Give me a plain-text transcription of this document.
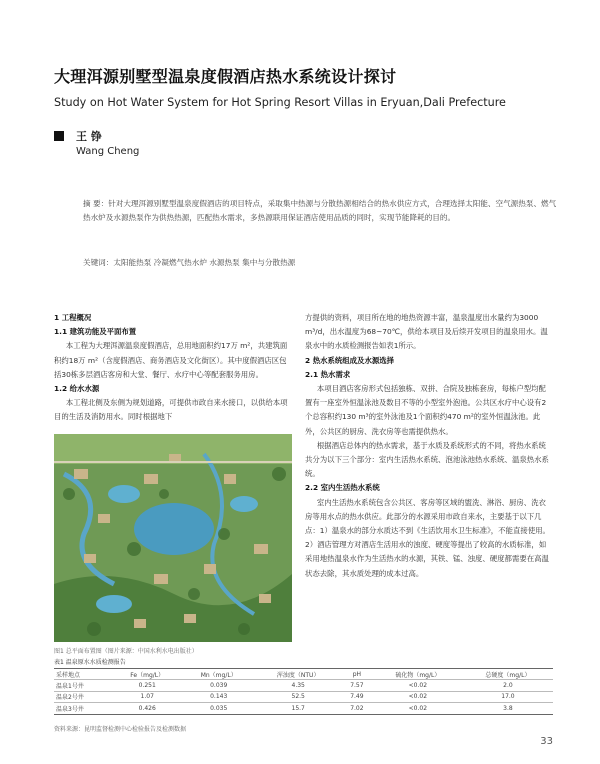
大理洱源别墅型温泉度假酒店热水系统设计探讨
Study on Hot Water System for Hot Spring Resort Villas in Eryuan,Dali Prefecture
王 铮
Wang Cheng
摘 要：针对大理洱源别墅型温泉度假酒店的项目特点，采取集中热源与分散热源相结合的热水供应方式，合理选择太阳能、空气源热泵、燃气热水炉及水源热泵作为供热热源，匹配热水需求，多热源联用保证酒店使用品质的同时，实现节能降耗的目的。
关键词：太阳能热泵 冷凝燃气热水炉 水源热泵 集中与分散热源

1 工程概况

1.1 建筑功能及平面布置

本工程为大理洱源温泉度假酒店，总用地面积约17万 m²，共建筑面积约18万 m²（含度假酒店、商务酒店及文化街区）。其中度假酒店区包括30栋多层酒店客房和大堂、餐厅、水疗中心等配套服务用房。

1.2 给水水源

本工程北侧及东侧为规划道路，可提供市政自来水接口，以供给本项目的生活及消防用水。同时根据地下

图1 总平面布置图（图片来源：中国水利水电出版社）

方提供的资料，项目所在地的地热资源丰富，温泉温度出水量约为3000 m³/d，出水温度为68~70℃，供给本项目及后续开发项目的温泉用水。温泉水中的水质检测报告如表1所示。

2 热水系统组成及水源选择

2.1 热水需求

本项目酒店客房形式包括独栋、双拼、合院及独栋套房，每栋户型均配置有一座室外恒温泳池及数目不等的小型室外泡池。公共区水疗中心设有2个总容积约130 m³的室外泳池及1个面积约470 m²的室外恒温泳池。此外，公共区的厨房、洗衣房等也需提供热水。

根据酒店总体内的热水需求，基于水质及系统形式的不同，将热水系统共分为以下三个部分：室内生活热水系统、泡池泳池热水系统、温泉热水系统。

2.2 室内生活热水系统

室内生活热水系统包含公共区、客房等区域的盥洗、淋浴、厨房、洗衣房等用水点的热水供应。此部分的水源采用市政自来水，主要基于以下几点：1）温泉水的部分水质达不到《生活饮用水卫生标准》，不能直接使用。2）酒店管理方对酒店生活用水的浊度、硬度等提出了较高的水质标准，如采用地热温泉水作为生活热水的水源，其铁、锰、浊度、硬度都需要在高温状态去除，其水质处理的成本过高。

表1 温泉原水水质检测报告
采样地点	Fe（mg/L）	Mn（mg/L）	浑浊度（NTU）	pH	硫化物（mg/L）	总硬度（mg/L）
温泉1号井	0.251	0.039	4.35	7.57	<0.02	2.0
温泉2号井	1.07	0.143	52.5	7.49	<0.02	17.0
温泉3号井	0.426	0.035	15.7	7.02	<0.02	3.8
资料来源：昆明监督检测中心检验报告及检测数据
33
